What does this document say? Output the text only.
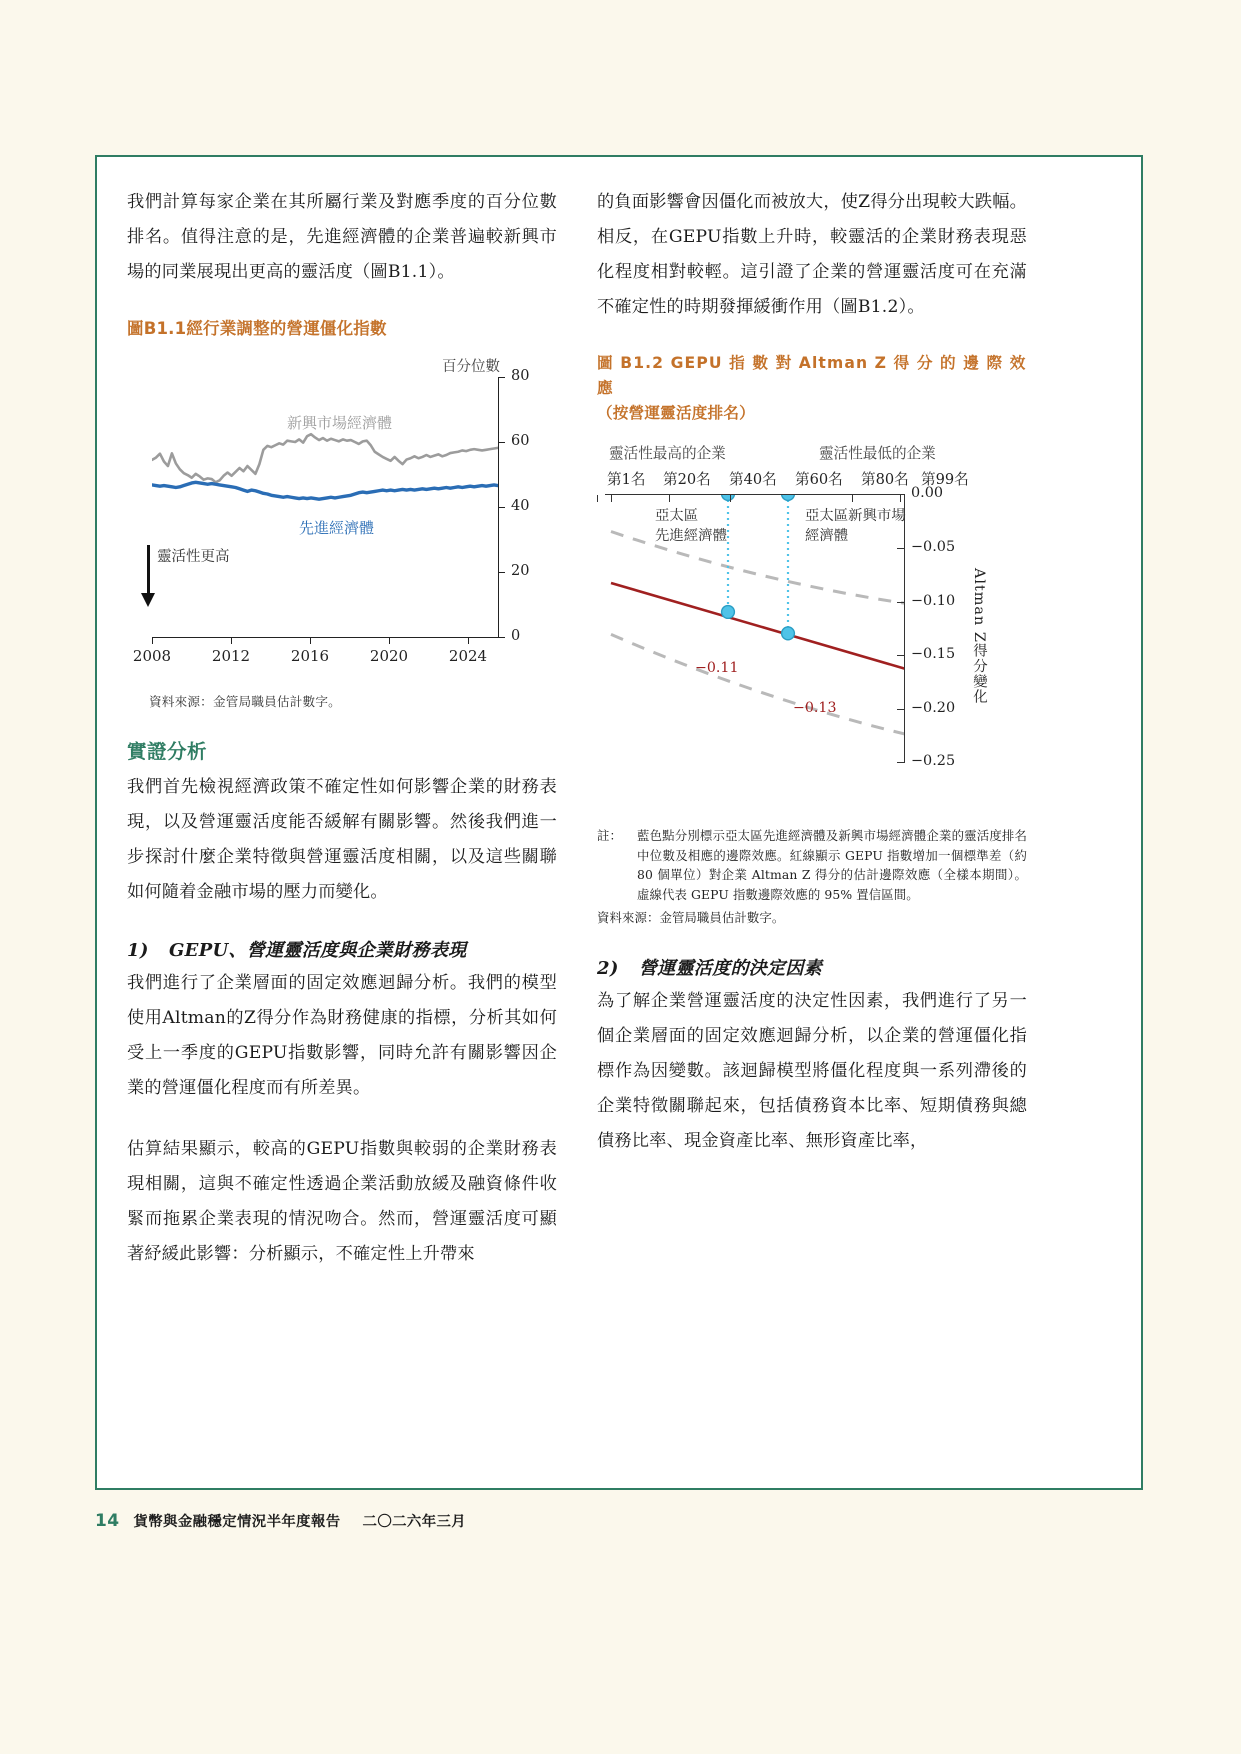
我們計算每家企業在其所屬行業及對應季度的百分位數排名。值得注意的是，先進經濟體的企業普遍較新興市場的同業展現出更高的靈活度（圖B1.1）。

圖B1.1經行業調整的營運僵化指數
百分位數
80
60
40
20
0
2008	2012	2016	2020	2024
新興市場經濟體
先進經濟體
靈活性更高
資料來源：金管局職員估計數字。
實證分析

我們首先檢視經濟政策不確定性如何影響企業的財務表現，以及營運靈活度能否緩解有關影響。然後我們進一步探討什麼企業特徵與營運靈活度相關，以及這些關聯如何隨着金融市場的壓力而變化。

1) GEPU、營運靈活度與企業財務表現

我們進行了企業層面的固定效應迴歸分析。我們的模型使用Altman的Z得分作為財務健康的指標，分析其如何受上一季度的GEPU指數影響，同時允許有關影響因企業的營運僵化程度而有所差異。

估算結果顯示，較高的GEPU指數與較弱的企業財務表現相關，這與不確定性透過企業活動放緩及融資條件收緊而拖累企業表現的情況吻合。然而，營運靈活度可顯著紓緩此影響：分析顯示，不確定性上升帶來

的負面影響會因僵化而被放大，使Z得分出現較大跌幅。相反，在GEPU指數上升時，較靈活的企業財務表現惡化程度相對較輕。這引證了企業的營運靈活度可在充滿不確定性的時期發揮緩衝作用（圖B1.2）。

圖 B1.2 GEPU 指 數 對 Altman Z 得 分 的 邊 際 效 應
（按營運靈活度排名）
靈活性最高的企業	靈活性最低的企業
第1名 第20名 第40名 第60名 第80名 第99名
0.00
−0.05
−0.10
−0.15
−0.20
−0.25
Altman Z得分變化
亞太區
先進經濟體
亞太區新興市場
經濟體
−0.11
−0.13
註：	藍色點分別標示亞太區先進經濟體及新興市場經濟體企業的靈活度排名中位數及相應的邊際效應。紅線顯示 GEPU 指數增加一個標準差（約 80 個單位）對企業 Altman Z 得分的估計邊際效應（全樣本期間）。虛線代表 GEPU 指數邊際效應的 95% 置信區間。
資料來源：金管局職員估計數字。
2) 營運靈活度的決定因素

為了解企業營運靈活度的決定性因素，我們進行了另一個企業層面的固定效應迴歸分析，以企業的營運僵化指標作為因變數。該迴歸模型將僵化程度與一系列滯後的企業特徵關聯起來，包括債務資本比率、短期債務與總債務比率、現金資產比率、無形資產比率，

14 貨幣與金融穩定情況半年度報告 二〇二六年三月
